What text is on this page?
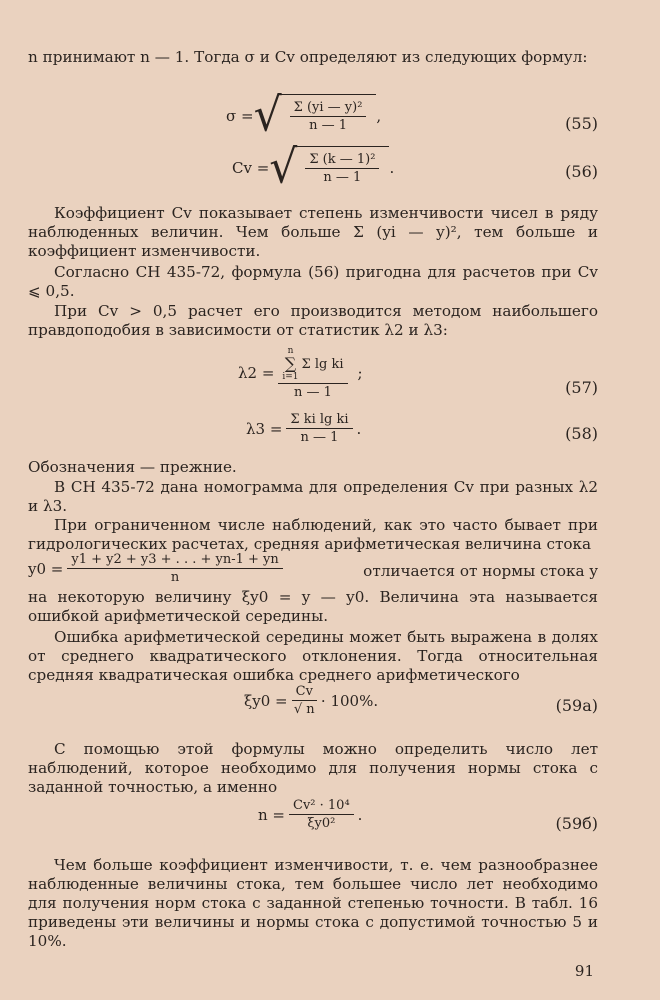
n принимают n — 1. Тогда σ и Cv определяют из следующих формул:

σ = √ $\frac{\text{Σ (yi — y)²}}{n — 1}$ ,	(55)
Cv = √ $\frac{\text{Σ (k — 1)²}}{n — 1}$ .	(56)

Коэффициент Cv показывает степень изменчивости чисел в ряду наблюденных величин. Чем больше Σ (yi — y)², тем больше и коэффициент изменчивости.

Согласно СН 435-72, формула (56) пригодна для расчетов при Cv ⩽ 0,5.

При Cv > 0,5 расчет его производится методом наибольшего правдоподобия в зависимости от статистик λ2 и λ3:

λ2 = n
∑
i=1
Σ lg ki
n — 1 ;
(57)
$\lambda 3 = \frac{\text{Σ ki lg ki}}{n — 1}$ .	(58)

Обозначения — прежние.

В СН 435-72 дана номограмма для определения Cv при разных λ2 и λ3.

При ограниченном числе наблюдений, как это часто бывает при гидрологических расчетах, средняя арифметическая величина стока

$y0 = \frac{y1 + y2 + y3 + . . . + yn-1 + yn}{n}$	отличается от нормы стока y

на некоторую величину ξy0 = y — y0. Величина эта называется ошибкой арифметической середины.

Ошибка арифметической середины может быть выражена в долях от среднего квадратического отклонения. Тогда относительная средняя квадратическая ошибка среднего арифметического

$\xi y0 = \frac{Cv}{√ n} \cdot 100\%$.	(59a)

С помощью этой формулы можно определить число лет наблюдений, которое необходимо для получения нормы стока с заданной точностью, а именно

$n = \frac{\text{Cv² · 10⁴}}{\text{ξy0²}}$ .	(59б)

Чем больше коэффициент изменчивости, т. е. чем разнообразнее наблюденные величины стока, тем большее число лет необходимо для получения норм стока с заданной степенью точности. В табл. 16 приведены эти величины и нормы стока с допустимой точностью 5 и 10%.

91
